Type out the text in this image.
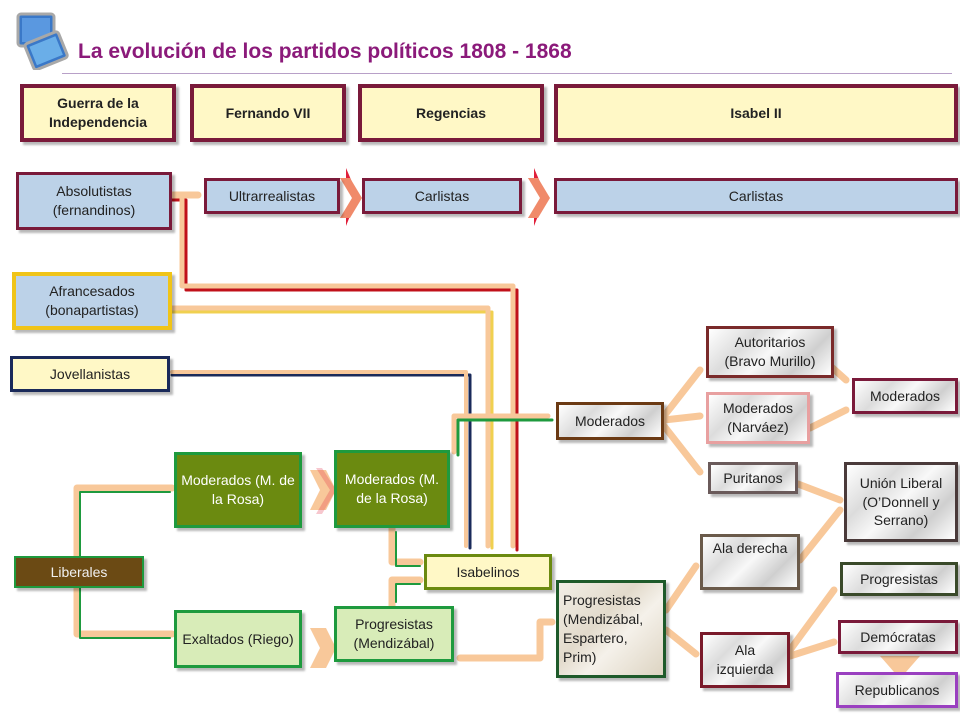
La evolución de los partidos políticos 1808 - 1868
Guerra de la Independencia
Fernando VII	Regencias	Isabel II
Absolutistas (fernandinos)
Ultrarrealistas	Carlistas	Carlistas
Afrancesados (bonapartistas)
Jovellanistas
Liberales
Moderados (M. de la Rosa)
Exaltados (Riego)
Moderados (M. de la Rosa)
Progresistas (Mendizábal)
Isabelinos
Moderados
Progresistas (Mendizábal, Espartero, Prim)
Autoritarios (Bravo Murillo)
Moderados (Narváez)
Puritanos
Ala derecha
Ala izquierda
Moderados
Unión Liberal (O’Donnell y Serrano)
Progresistas
Demócratas
Republicanos
